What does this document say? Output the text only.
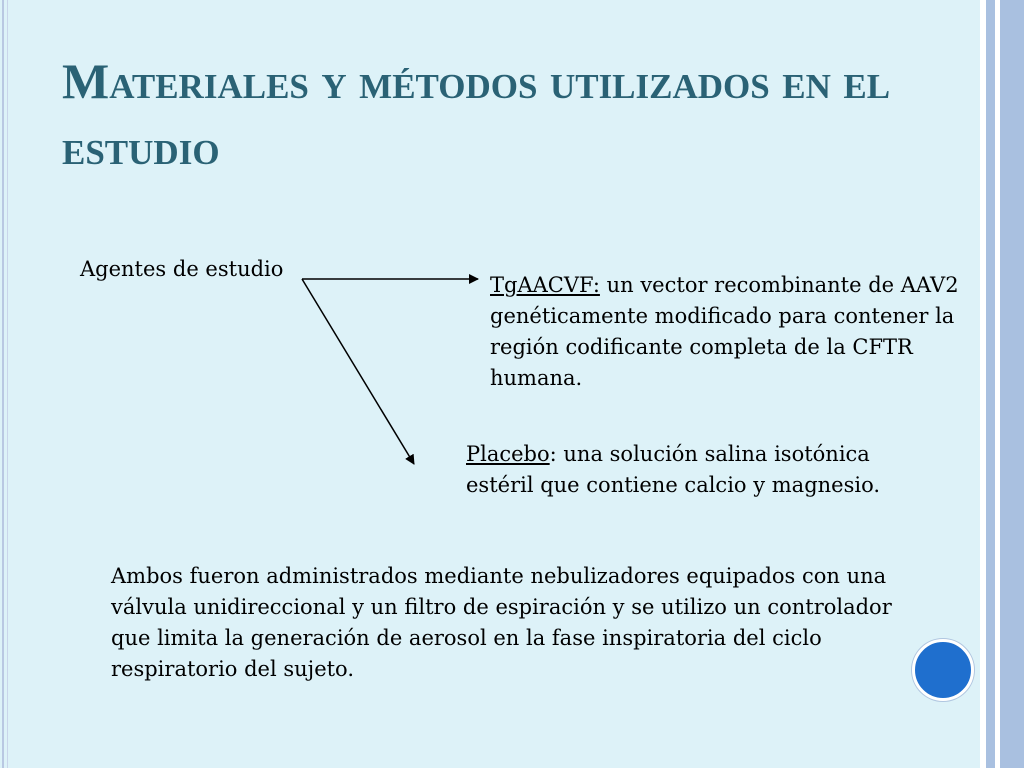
Materiales y métodos utilizados en el estudio
Agentes de estudio
TgAACVF: un vector recombinante de AAV2 genéticamente modificado para contener la región codificante completa de la CFTR humana.
Placebo: una solución salina isotónica estéril que contiene calcio y magnesio.
Ambos fueron administrados mediante nebulizadores equipados con una válvula unidireccional y un filtro de espiración y se utilizo un controlador que limita la generación de aerosol en la fase inspiratoria del ciclo respiratorio del sujeto.
